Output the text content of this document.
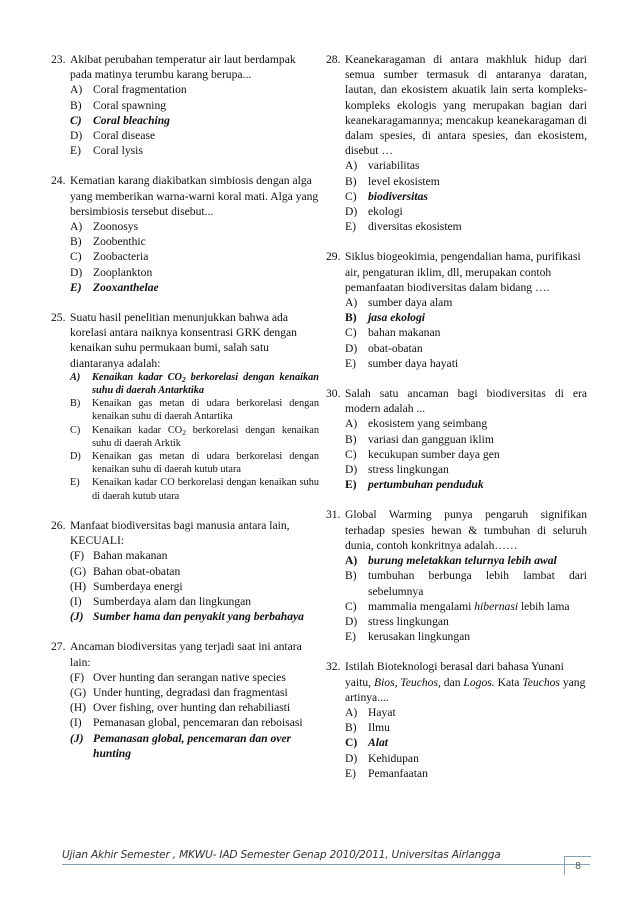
23. Akibat perubahan temperatur air laut berdampak pada matinya terumbu karang berupa...
A) Coral fragmentation
B) Coral spawning
C) Coral bleaching
D) Coral disease
E)	Coral lysis
24. Kematian karang diakibatkan simbiosis dengan alga yang memberikan warna-warni koral mati. Alga yang bersimbiosis tersebut disebut...
A) Zoonosys
B) Zoobenthic
C) Zoobacteria
D) Zooplankton
E) Zooxanthelae
25. Suatu hasil penelitian menunjukkan bahwa ada korelasi antara naiknya konsentrasi GRK dengan kenaikan suhu permukaan bumi, salah satu diantaranya adalah:
A)	Kenaikan kadar $CO_2$ berkorelasi dengan kenaikan suhu di daerah Antarktika
B)	Kenaikan gas metan di udara berkorelasi dengan kenaikan suhu di daerah Antartika
C)	Kenaikan kadar $CO_2$ berkorelasi dengan kenaikan suhu di daerah Arktik
D)	Kenaikan gas metan di udara berkorelasi dengan kenaikan suhu di daerah kutub utara
E)	Kenaikan kadar CO berkorelasi dengan kenaikan suhu di daerah kutub utara
26. Manfaat biodiversitas bagi manusia antara lain, KECUALI:
(F) Bahan makanan
(G) Bahan obat-obatan
(H) Sumberdaya energi
(I) Sumberdaya alam dan lingkungan
(J) Sumber hama dan penyakit yang berbahaya
27. Ancaman biodiversitas yang terjadi saat ini antara lain:
(F) Over hunting dan serangan native species
(G) Under hunting, degradasi dan fragmentasi
(H) Over fishing, over hunting dan rehabiliasti
(I) Pemanasan global, pencemaran dan reboisasi
(J) Pemanasan global, pencemaran dan over hunting
28. Keanekaragaman di antara makhluk hidup dari semua sumber termasuk di antaranya daratan, lautan, dan ekosistem akuatik lain serta kompleks-kompleks ekologis yang merupakan bagian dari keanekaragamannya; mencakup keanekaragaman di dalam spesies, di antara spesies, dan ekosistem, disebut …
A) variabilitas
B) level ekosistem
C) biodiversitas
D) ekologi
E)	diversitas ekosistem
29. Siklus biogeokimia, pengendalian hama, purifikasi air, pengaturan iklim, dll, merupakan contoh pemanfaatan biodiversitas dalam bidang ….
A) sumber daya alam
B) jasa ekologi
C) bahan makanan
D) obat-obatan
E)	sumber daya hayati
30. Salah satu ancaman bagi biodiversitas di era modern adalah ...
A) ekosistem yang seimbang
B) variasi dan gangguan iklim
C) kecukupan sumber daya gen
D) stress lingkungan
E) pertumbuhan penduduk
31. Global Warming punya pengaruh signifikan terhadap spesies hewan & tumbuhan di seluruh dunia, contoh konkritnya adalah……
A) burung meletakkan telurnya lebih awal
B) tumbuhan berbunga lebih lambat dari sebelumnya
C) mammalia mengalami hibernasi lebih lama
D) stress lingkungan
E)	kerusakan lingkungan
32. Istilah Bioteknologi berasal dari bahasa Yunani yaitu, Bios, Teuchos, dan Logos. Kata Teuchos yang artinya....
A) Hayat
B) Ilmu
C) Alat
D) Kehidupan
E)	Pemanfaatan
Ujian Akhir Semester , MKWU- IAD Semester Genap 2010/2011, Universitas Airlangga
8
